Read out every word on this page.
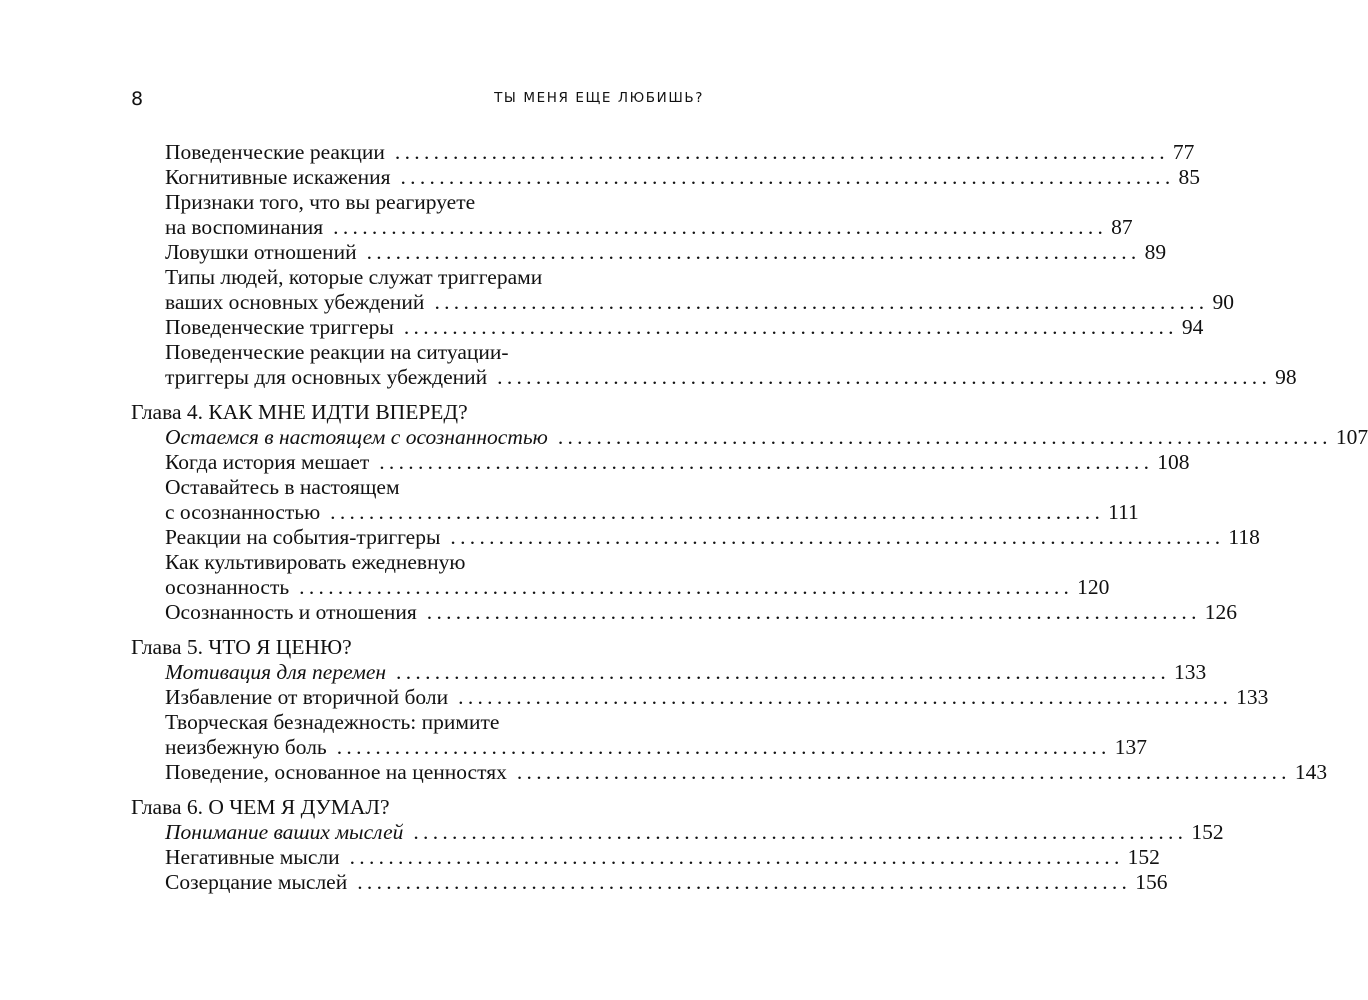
8	ТЫ МЕНЯ ЕЩЕ ЛЮБИШЬ?
Поведенческие реакции ................................................................................ 77
Когнитивные искажения ................................................................................ 85
Признаки того, что вы реагируете
на воспоминания ................................................................................ 87
Ловушки отношений ................................................................................ 89
Типы людей, которые служат триггерами
ваших основных убеждений ................................................................................ 90
Поведенческие триггеры ................................................................................ 94
Поведенческие реакции на ситуации-
триггеры для основных убеждений ................................................................................ 98
Глава 4. КАК МНЕ ИДТИ ВПЕРЕД?
Остаемся в настоящем с осознанностью ................................................................................ 107
Когда история мешает ................................................................................ 108
Оставайтесь в настоящем
с осознанностью ................................................................................ 111
Реакции на события-триггеры ................................................................................ 118
Как культивировать ежедневную
осознанность ................................................................................ 120
Осознанность и отношения ................................................................................ 126
Глава 5. ЧТО Я ЦЕНЮ?
Мотивация для перемен ................................................................................ 133
Избавление от вторичной боли ................................................................................ 133
Творческая безнадежность: примите
неизбежную боль ................................................................................ 137
Поведение, основанное на ценностях ................................................................................ 143
Глава 6. О ЧЕМ Я ДУМАЛ?
Понимание ваших мыслей ................................................................................ 152
Негативные мысли ................................................................................ 152
Созерцание мыслей ................................................................................ 156
